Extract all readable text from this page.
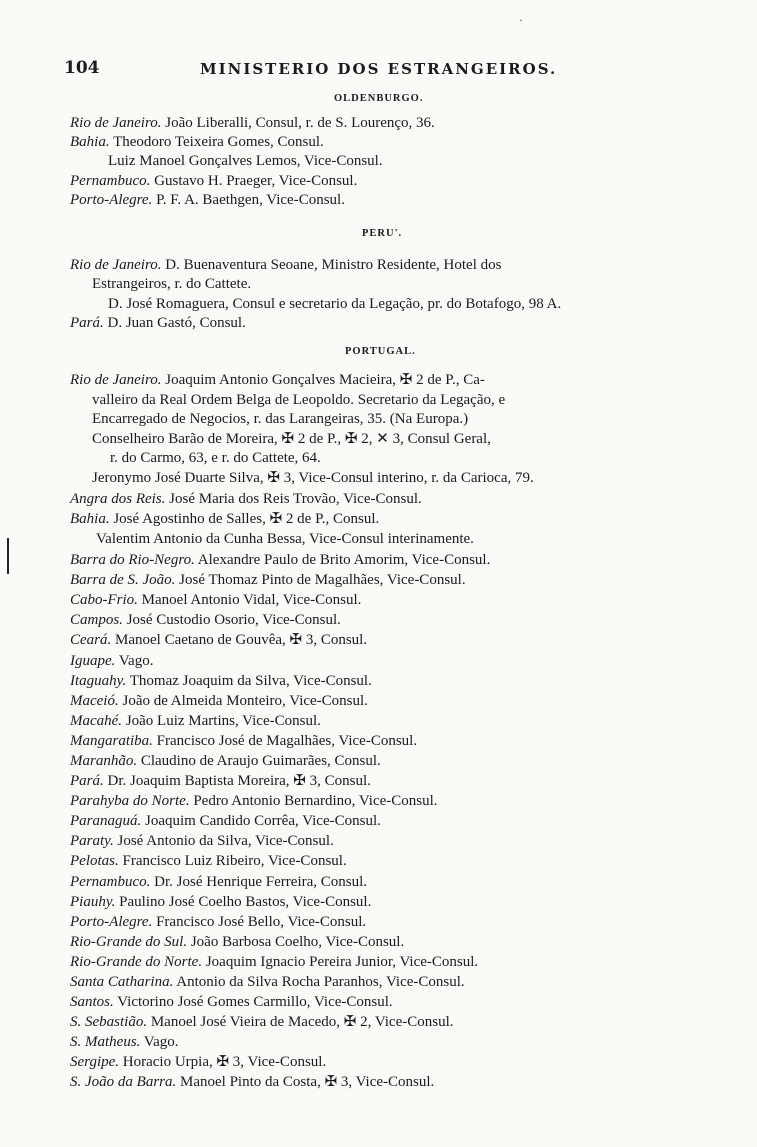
˙
104	MINISTERIO DOS ESTRANGEIROS.
OLDENBURGO.
Rio de Janeiro. João Liberalli, Consul, r. de S. Lourenço, 36.
Bahia. Theodoro Teixeira Gomes, Consul.
Luiz Manoel Gonçalves Lemos, Vice-Consul.
Pernambuco. Gustavo H. Praeger, Vice-Consul.
Porto-Alegre. P. F. A. Baethgen, Vice-Consul.
PERU'.
Rio de Janeiro. D. Buenaventura Seoane, Ministro Residente, Hotel dos
Estrangeiros, r. do Cattete.
D. José Romaguera, Consul e secretario da Legação, pr. do Botafogo, 98 A.
Pará. D. Juan Gastó, Consul.
PORTUGAL.
Rio de Janeiro. Joaquim Antonio Gonçalves Macieira, ✠ 2 de P., Ca-
valleiro da Real Ordem Belga de Leopoldo. Secretario da Legação, e
Encarregado de Negocios, r. das Larangeiras, 35. (Na Europa.)
Conselheiro Barão de Moreira, ✠ 2 de P., ✠ 2, ✕ 3, Consul Geral,
r. do Carmo, 63, e r. do Cattete, 64.
Jeronymo José Duarte Silva, ✠ 3, Vice-Consul interino, r. da Carioca, 79.
Angra dos Reis. José Maria dos Reis Trovão, Vice-Consul.
Bahia. José Agostinho de Salles, ✠ 2 de P., Consul.
Valentim Antonio da Cunha Bessa, Vice-Consul interinamente.
Barra do Rio-Negro. Alexandre Paulo de Brito Amorim, Vice-Consul.
Barra de S. João. José Thomaz Pinto de Magalhães, Vice-Consul.
Cabo-Frio. Manoel Antonio Vidal, Vice-Consul.
Campos. José Custodio Osorio, Vice-Consul.
Ceará. Manoel Caetano de Gouvêa, ✠ 3, Consul.
Iguape. Vago.
Itaguahy. Thomaz Joaquim da Silva, Vice-Consul.
Maceió. João de Almeida Monteiro, Vice-Consul.
Macahé. João Luiz Martins, Vice-Consul.
Mangaratiba. Francisco José de Magalhães, Vice-Consul.
Maranhão. Claudino de Araujo Guimarães, Consul.
Pará. Dr. Joaquim Baptista Moreira, ✠ 3, Consul.
Parahyba do Norte. Pedro Antonio Bernardino, Vice-Consul.
Paranaguá. Joaquim Candido Corrêa, Vice-Consul.
Paraty. José Antonio da Silva, Vice-Consul.
Pelotas. Francisco Luiz Ribeiro, Vice-Consul.
Pernambuco. Dr. José Henrique Ferreira, Consul.
Piauhy. Paulino José Coelho Bastos, Vice-Consul.
Porto-Alegre. Francisco José Bello, Vice-Consul.
Rio-Grande do Sul. João Barbosa Coelho, Vice-Consul.
Rio-Grande do Norte. Joaquim Ignacio Pereira Junior, Vice-Consul.
Santa Catharina. Antonio da Silva Rocha Paranhos, Vice-Consul.
Santos. Victorino José Gomes Carmillo, Vice-Consul.
S. Sebastião. Manoel José Vieira de Macedo, ✠ 2, Vice-Consul.
S. Matheus. Vago.
Sergipe. Horacio Urpia, ✠ 3, Vice-Consul.
S. João da Barra. Manoel Pinto da Costa, ✠ 3, Vice-Consul.
